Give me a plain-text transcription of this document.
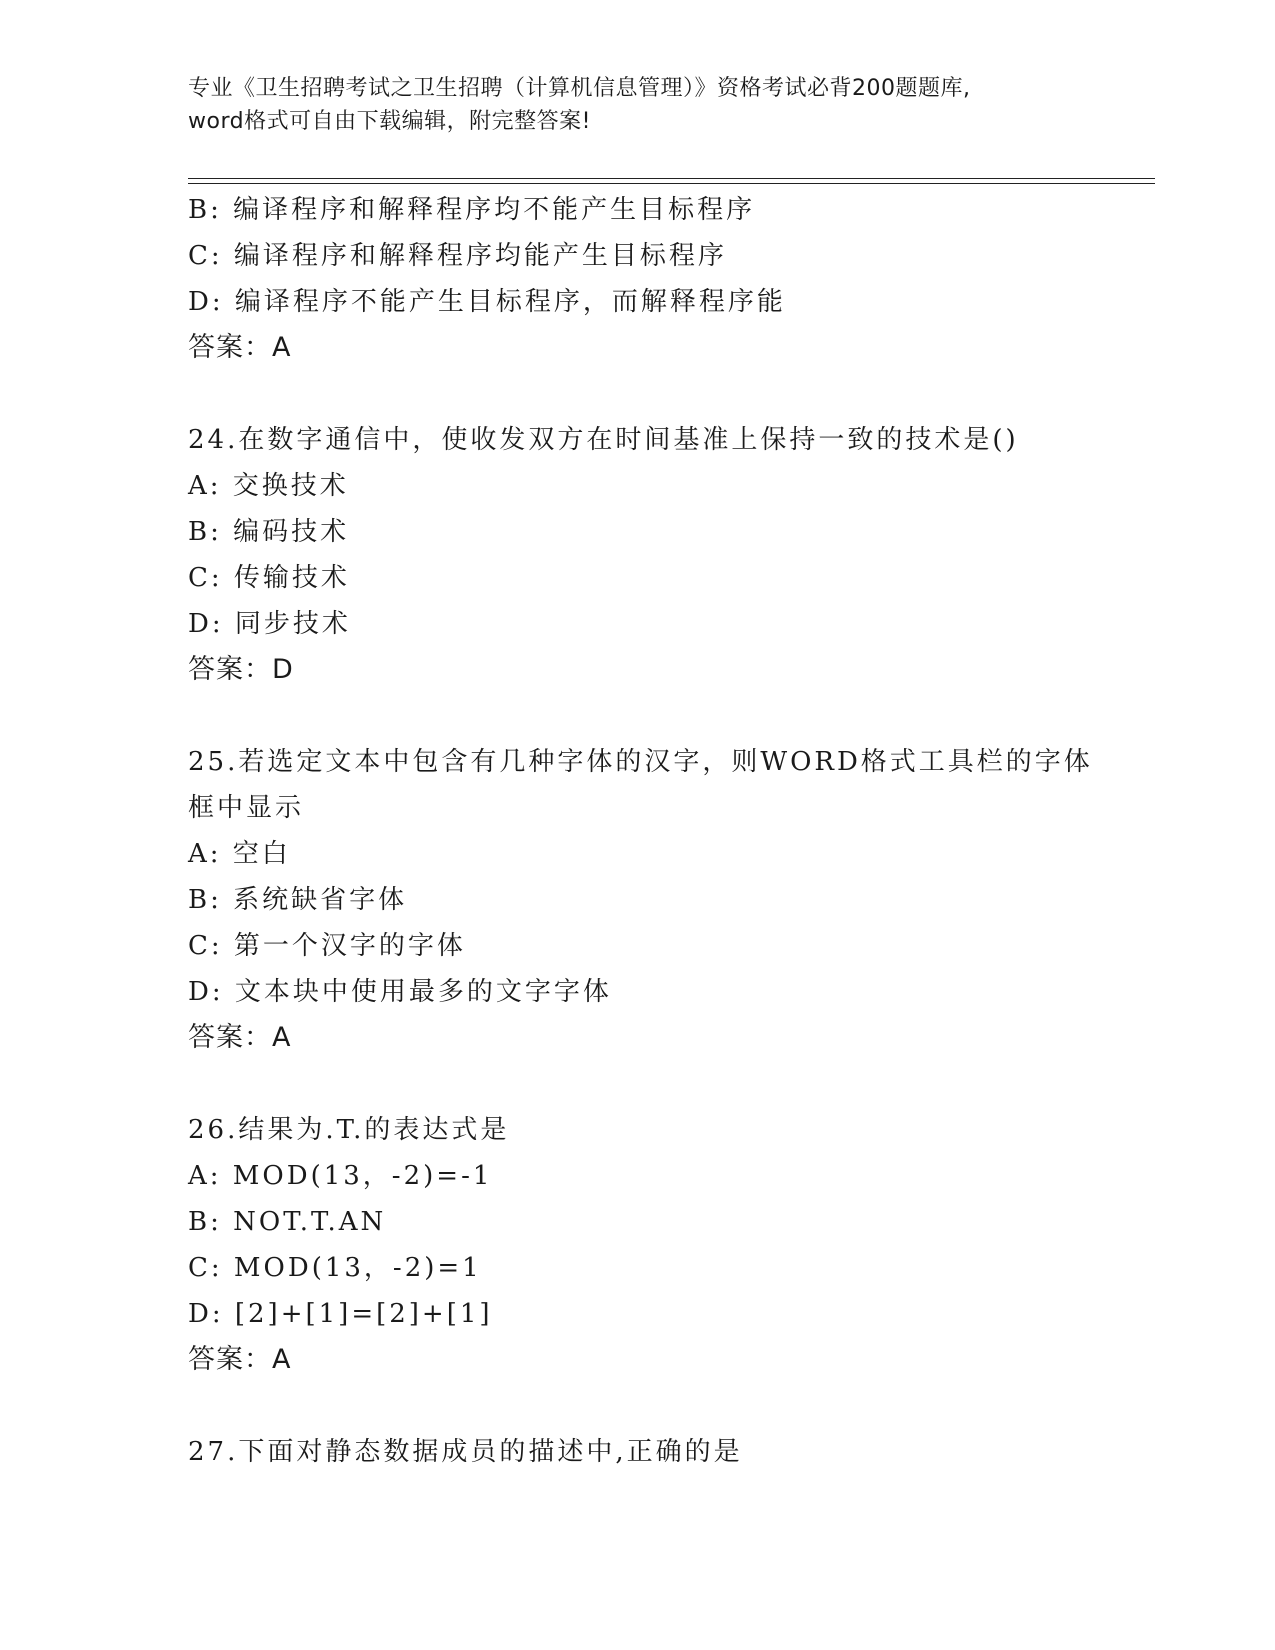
专业《卫生招聘考试之卫生招聘（计算机信息管理）》资格考试必背200题题库,
word格式可自由下载编辑，附完整答案!
B: 编译程序和解释程序均不能产生目标程序
C: 编译程序和解释程序均能产生目标程序
D: 编译程序不能产生目标程序，而解释程序能
答案：A
24.在数字通信中，使收发双方在时间基准上保持一致的技术是()
A: 交换技术
B: 编码技术
C: 传输技术
D: 同步技术
答案：D
25.若选定文本中包含有几种字体的汉字，则WORD格式工具栏的字体
框中显示
A: 空白
B: 系统缺省字体
C: 第一个汉字的字体
D: 文本块中使用最多的文字字体
答案：A
26.结果为.T.的表达式是
A: MOD(13，-2)=-1
B: NOT.T.AN
C: MOD(13，-2)=1
D: [2]+[1]=[2]+[1]
答案：A
27.下面对静态数据成员的描述中,正确的是
